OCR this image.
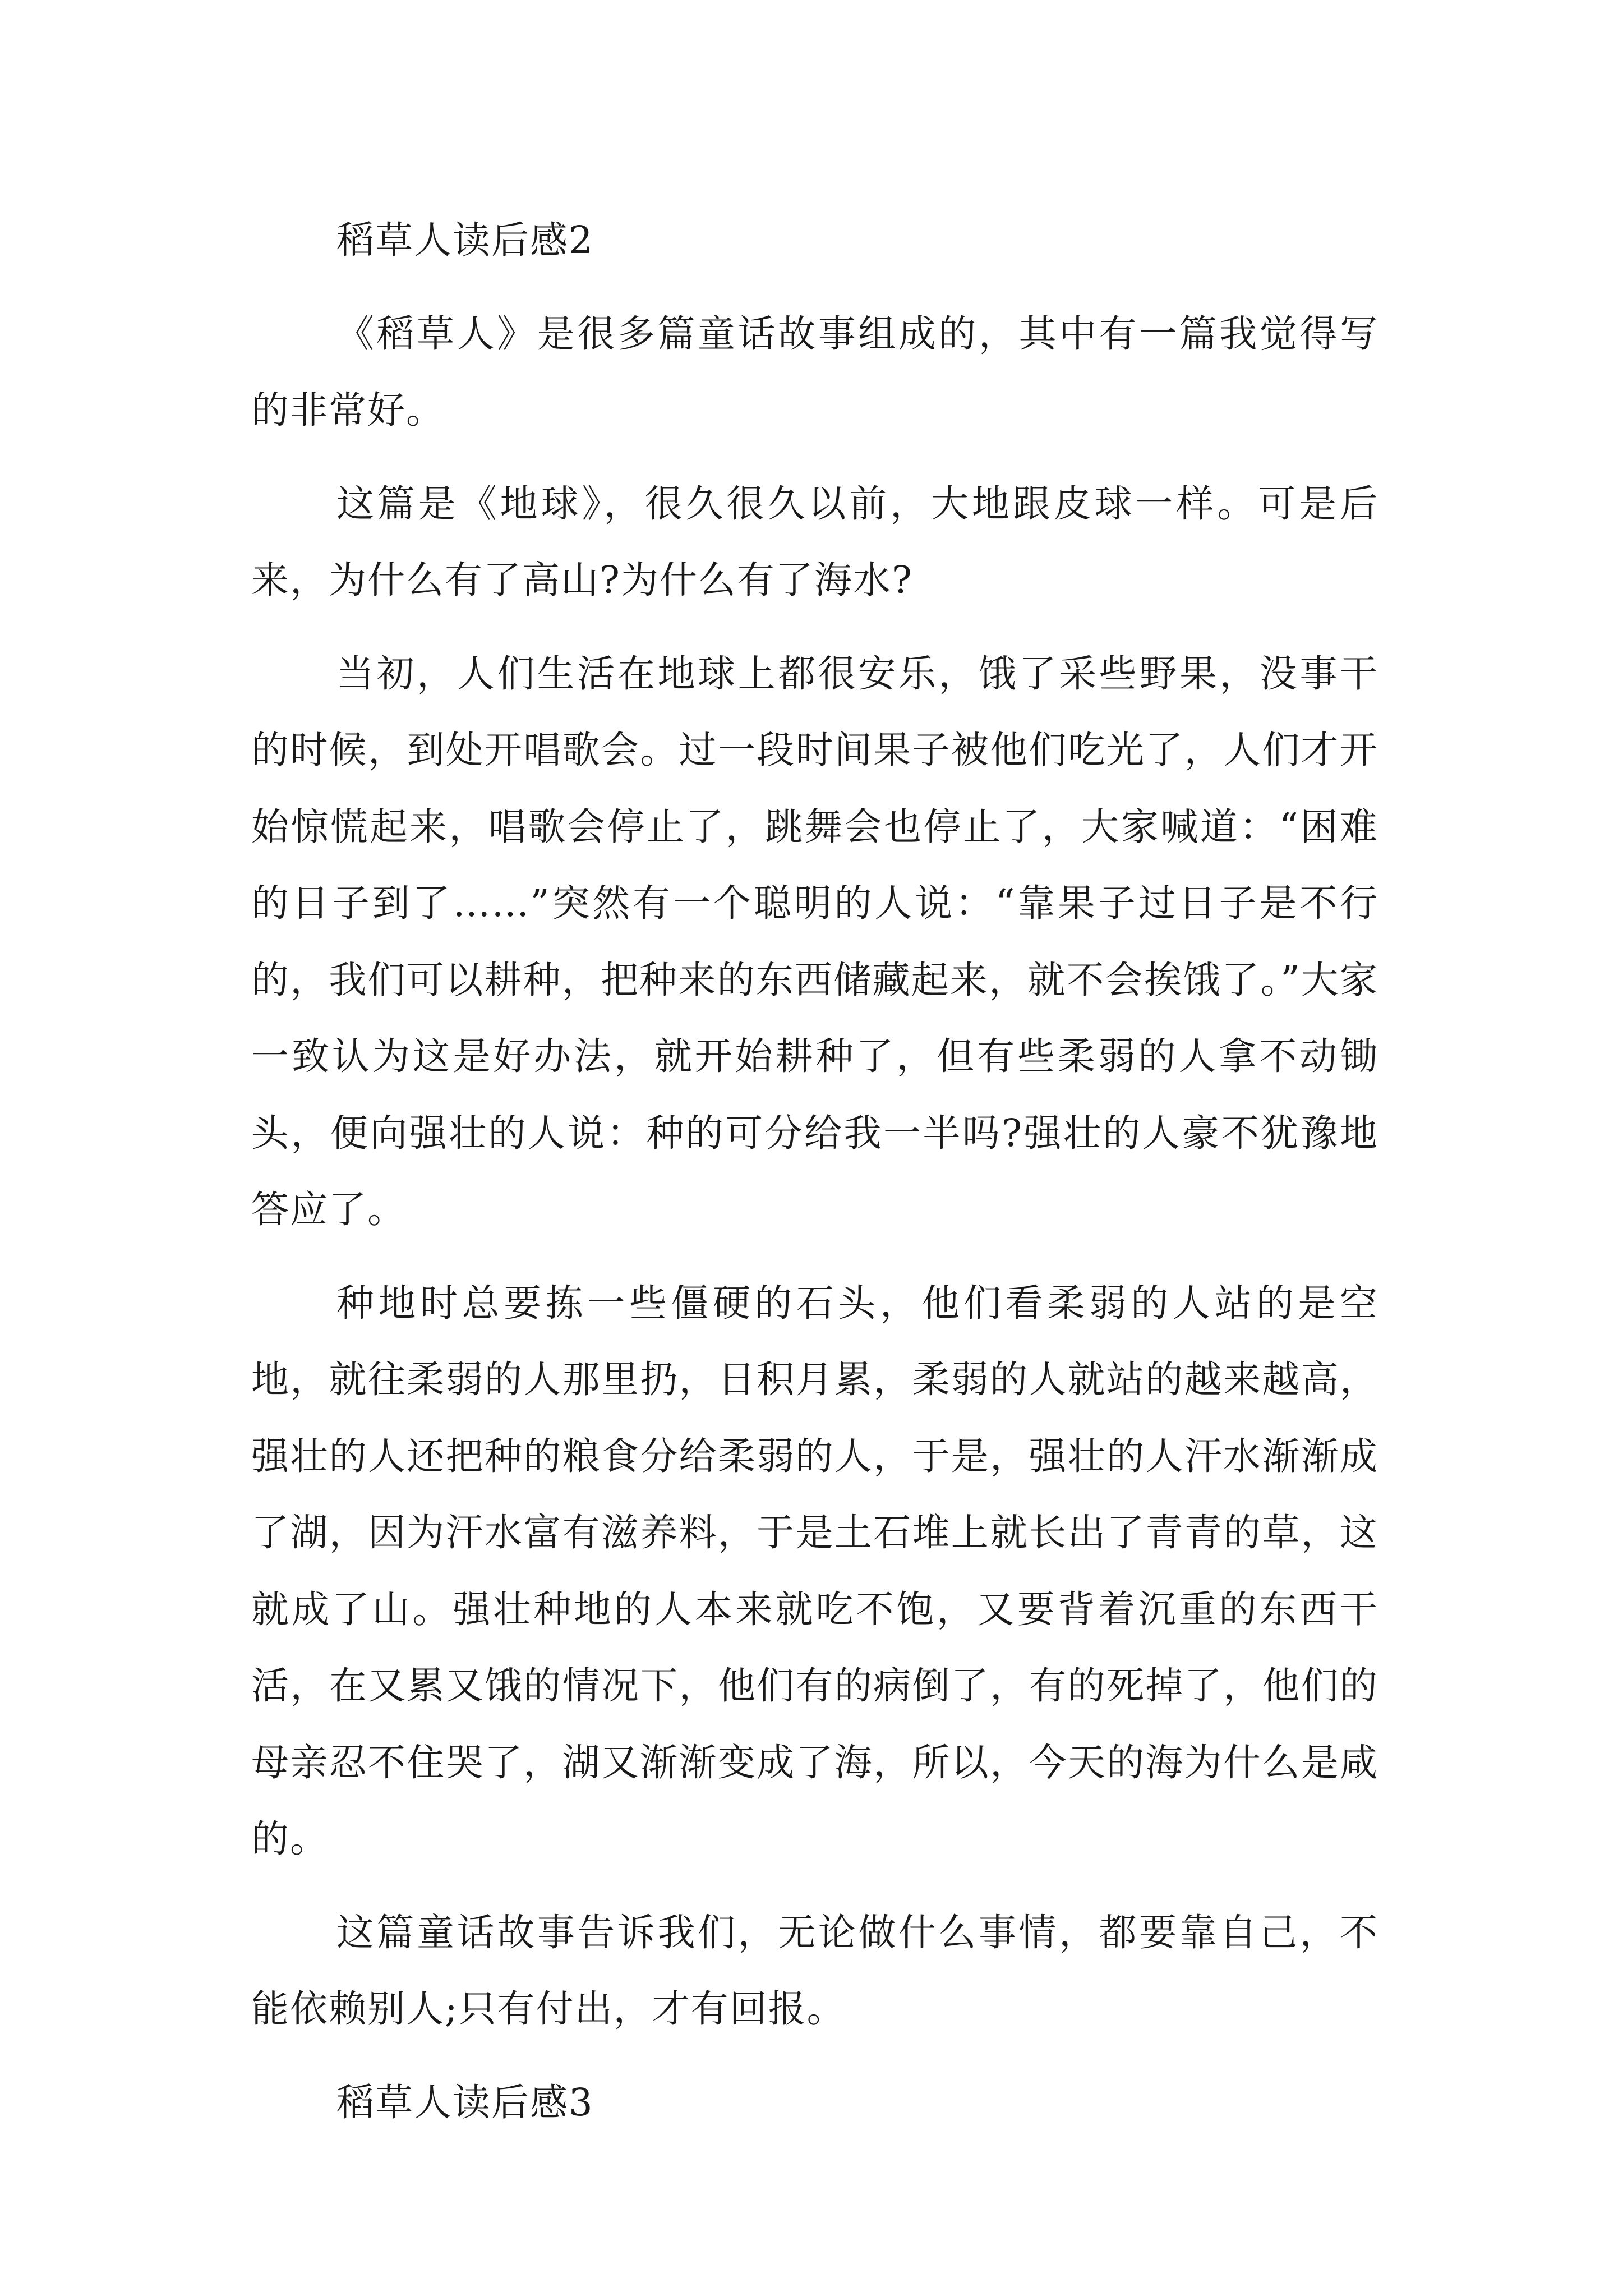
稻草人读后感2
《稻草人》是很多篇童话故事组成的，其中有一篇我觉得写的非常好。
这篇是《地球》，很久很久以前，大地跟皮球一样。可是后来，为什么有了高山?为什么有了海水?
当初，人们生活在地球上都很安乐，饿了采些野果，没事干的时候，到处开唱歌会。过一段时间果子被他们吃光了，人们才开始惊慌起来，唱歌会停止了，跳舞会也停止了，大家喊道：“困难的日子到了……”突然有一个聪明的人说：“靠果子过日子是不行的，我们可以耕种，把种来的东西储藏起来，就不会挨饿了。”大家一致认为这是好办法，就开始耕种了，但有些柔弱的人拿不动锄头，便向强壮的人说：种的可分给我一半吗?强壮的人豪不犹豫地答应了。
种地时总要拣一些僵硬的石头，他们看柔弱的人站的是空地，就往柔弱的人那里扔，日积月累，柔弱的人就站的越来越高，强壮的人还把种的粮食分给柔弱的人，于是，强壮的人汗水渐渐成了湖，因为汗水富有滋养料，于是土石堆上就长出了青青的草，这就成了山。强壮种地的人本来就吃不饱，又要背着沉重的东西干活，在又累又饿的情况下，他们有的病倒了，有的死掉了，他们的母亲忍不住哭了，湖又渐渐变成了海，所以，今天的海为什么是咸的。
这篇童话故事告诉我们，无论做什么事情，都要靠自己，不能依赖别人;只有付出，才有回报。
稻草人读后感3
